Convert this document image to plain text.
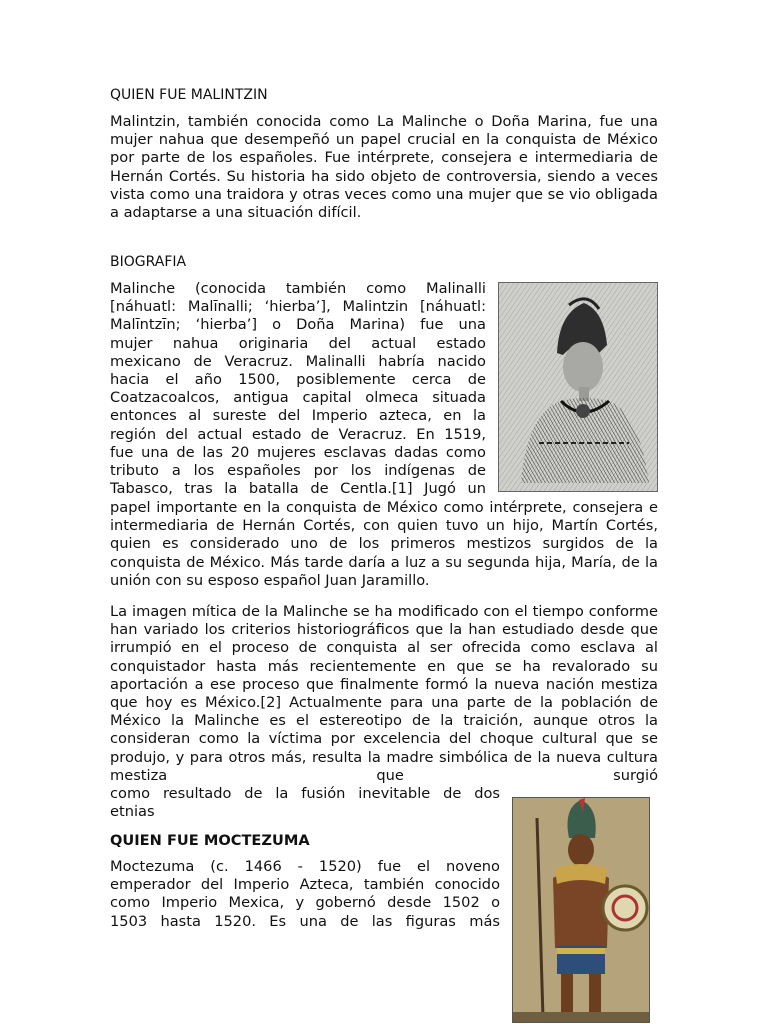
QUIEN FUE MALINTZIN

Malintzin, también conocida como La Malinche o Doña Marina, fue una mujer nahua que desempeñó un papel crucial en la conquista de México por parte de los españoles. Fue intérprete, consejera e intermediaria de Hernán Cortés. Su historia ha sido objeto de controversia, siendo a veces vista como una traidora y otras veces como una mujer que se vio obligada a adaptarse a una situación difícil.

BIOGRAFIA

Malinche (conocida también como Malinalli

[náhuatl: Malīnalli; ‘hierba’], Malintzin [náhuatl:

Malīntzīn; ‘hierba’] o Doña Marina) fue una

mujer nahua originaria del actual estado

mexicano de Veracruz. Malinalli habría nacido

hacia el año 1500, posiblemente cerca de

Coatzacoalcos, antigua capital olmeca situada

entonces al sureste del Imperio azteca, en la

región del actual estado de Veracruz. En 1519,

fue una de las 20 mujeres esclavas dadas como

tributo a los españoles por los indígenas de

Tabasco, tras la batalla de Centla.[1] Jugó un

papel importante en la conquista de México como intérprete, consejera e intermediaria de Hernán Cortés, con quien tuvo un hijo, Martín Cortés, quien es considerado uno de los primeros mestizos surgidos de la conquista de México. Más tarde daría a luz a su segunda hija, María, de la unión con su esposo español Juan Jaramillo.

La imagen mítica de la Malinche se ha modificado con el tiempo conforme han variado los criterios historiográficos que la han estudiado desde que irrumpió en el proceso de conquista al ser ofrecida como esclava al conquistador hasta más recientemente en que se ha revalorado su aportación a ese proceso que finalmente formó la nueva nación mestiza que hoy es México.[2] Actualmente para una parte de la población de México la Malinche es el estereotipo de la traición, aunque otros la consideran como la víctima por excelencia del choque cultural que se produjo, y para otros más, resulta la madre simbólica de la nueva cultura mestiza que surgió

como resultado de la fusión inevitable de dos

etnias

QUIEN FUE MOCTEZUMA

Moctezuma (c. 1466 - 1520) fue el noveno

emperador del Imperio Azteca, también conocido

como Imperio Mexica, y gobernó desde 1502 o

1503 hasta 1520. Es una de las figuras más
